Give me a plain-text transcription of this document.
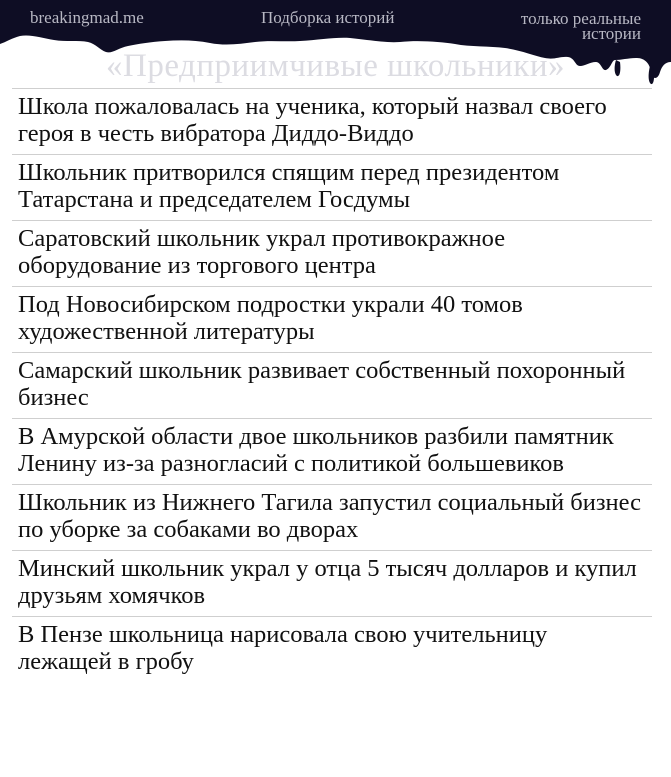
breakingmad.me	Подборка историй	только реальные истории
«Предприимчивые школьники»
Школа пожаловалась на ученика, который назвал своего героя в честь вибратора Диддо-Виддо
Школьник притворился спящим перед президентом Татарстана и председателем Госдумы
Саратовский школьник украл противокражное оборудование из торгового центра
Под Новосибирском подростки украли 40 томов художественной литературы
Самарский школьник развивает собственный похоронный бизнес
В Амурской области двое школьников разбили памятник Ленину из-за разногласий с политикой большевиков
Школьник из Нижнего Тагила запустил социальный бизнес по уборке за собаками во дворах
Минский школьник украл у отца 5 тысяч долларов и купил друзьям хомячков
В Пензе школьница нарисовала свою учительницу лежащей в гробу
